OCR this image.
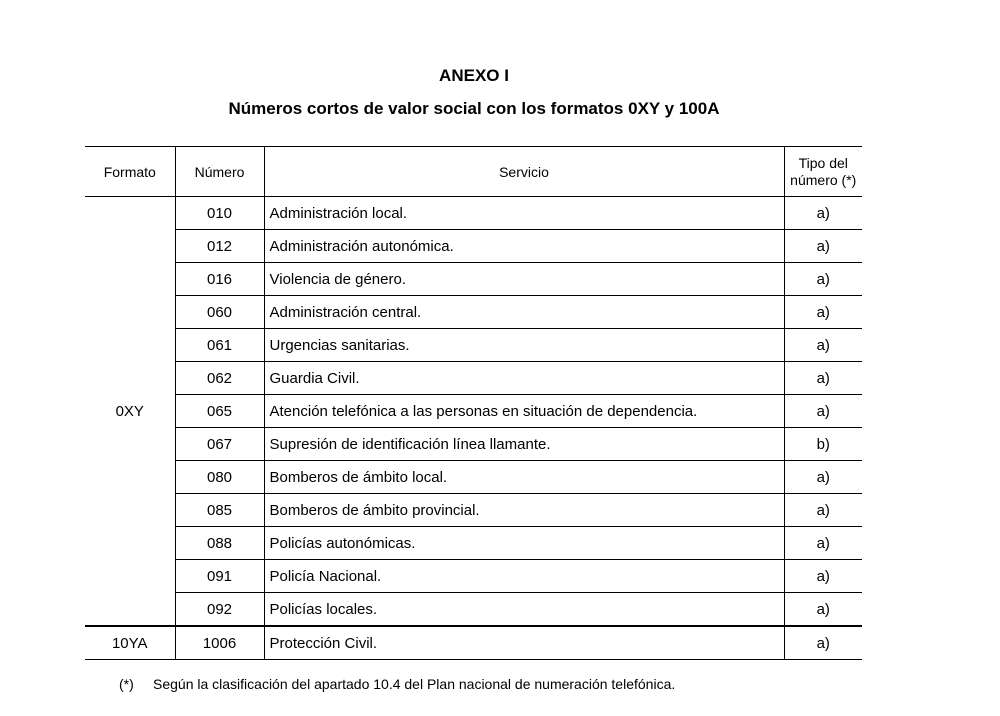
ANEXO I
Números cortos de valor social con los formatos 0XY y 100A
Formato	Número	Servicio	Tipo del
número (*)
0XY	010	Administración local.	a)
	012	Administración autonómica.	a)
	016	Violencia de género.	a)
	060	Administración central.	a)
	061	Urgencias sanitarias.	a)
	062	Guardia Civil.	a)
	065	Atención telefónica a las personas en situación de dependencia.	a)
	067	Supresión de identificación línea llamante.	b)
	080	Bomberos de ámbito local.	a)
	085	Bomberos de ámbito provincial.	a)
	088	Policías autonómicas.	a)
	091	Policía Nacional.	a)
	092	Policías locales.	a)
10YA	1006	Protección Civil.	a)
(*) Según la clasificación del apartado 10.4 del Plan nacional de numeración telefónica.
